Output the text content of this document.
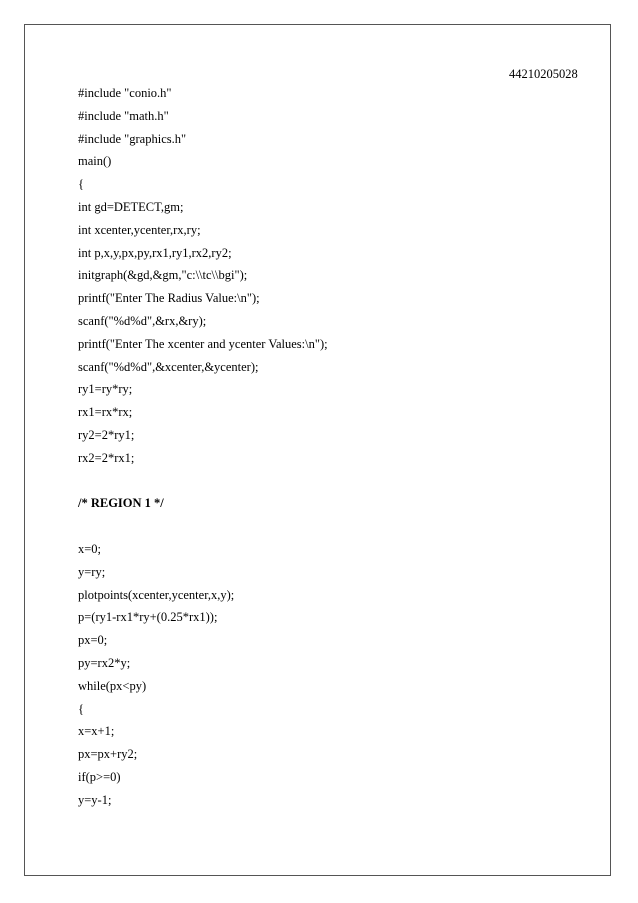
44210205028
#include "conio.h"
#include "math.h"
#include "graphics.h"
main()
{
int gd=DETECT,gm;
int xcenter,ycenter,rx,ry;
int p,x,y,px,py,rx1,ry1,rx2,ry2;
initgraph(&gd,&gm,"c:\\tc\\bgi");
printf("Enter The Radius Value:\n");
scanf("%d%d",&rx,&ry);
printf("Enter The xcenter and ycenter Values:\n");
scanf("%d%d",&xcenter,&ycenter);
ry1=ry*ry;
rx1=rx*rx;
ry2=2*ry1;
rx2=2*rx1;
/* REGION 1 */
x=0;
y=ry;
plotpoints(xcenter,ycenter,x,y);
p=(ry1-rx1*ry+(0.25*rx1));
px=0;
py=rx2*y;
while(px<py)
{
x=x+1;
px=px+ry2;
if(p>=0)
y=y-1;
